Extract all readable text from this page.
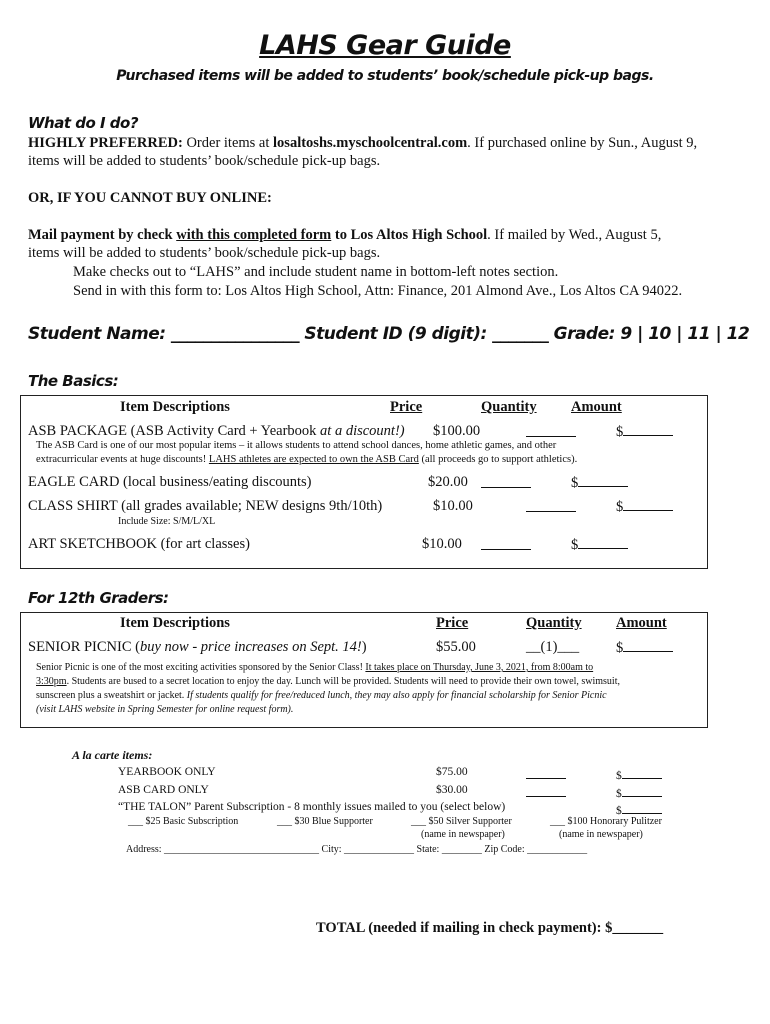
LAHS Gear Guide
Purchased items will be added to students’ book/schedule pick-up bags.
What do I do?
HIGHLY PREFERRED: Order items at losaltoshs.myschoolcentral.com. If purchased online by Sun., August 9,
items will be added to students’ book/schedule pick-up bags.
OR, IF YOU CANNOT BUY ONLINE:
Mail payment by check with this completed form to Los Altos High School. If mailed by Wed., August 5,
items will be added to students’ book/schedule pick-up bags.
Make checks out to “LAHS” and include student name in bottom-left notes section.
Send in with this form to: Los Altos High School, Attn: Finance, 201 Almond Ave., Los Altos CA 94022.
Student Name: ________________ Student ID (9 digit): _______ Grade: 9 | 10 | 11 | 12
The Basics:
Item Descriptions	Price	Quantity Amount
ASB PACKAGE (ASB Activity Card + Yearbook at a discount!) $100.00	$
The ASB Card is one of our most popular items – it allows students to attend school dances, home athletic games, and other
extracurricular events at huge discounts! LAHS athletes are expected to own the ASB Card (all proceeds go to support athletics).
EAGLE CARD (local business/eating discounts)	$20.00	$
CLASS SHIRT (all grades available; NEW designs 9th/10th)	$10.00	$
Include Size: S/M/L/XL
ART SKETCHBOOK (for art classes)	$10.00	$
For 12th Graders:
Item Descriptions	Price	Quantity Amount
SENIOR PICNIC (buy now - price increases on Sept. 14!)	$55.00	__(1)___	$
Senior Picnic is one of the most exciting activities sponsored by the Senior Class! It takes place on Thursday, June 3, 2021, from 8:00am to
3:30pm. Students are bused to a secret location to enjoy the day. Lunch will be provided. Students will need to provide their own towel, swimsuit,
sunscreen plus a sweatshirt or jacket. If students qualify for free/reduced lunch, they may also apply for financial scholarship for Senior Picnic
(visit LAHS website in Spring Semester for online request form).
A la carte items:
YEARBOOK ONLY	$75.00	$
ASB CARD ONLY	$30.00	$
“THE TALON” Parent Subscription - 8 monthly issues mailed to you (select below)	$
___ $25 Basic Subscription	___ $30 Blue Supporter	___ $50 Silver Supporter
(name in newspaper)
___ $100 Honorary Pulitzer
(name in newspaper)
Address: _______________________________ City: ______________ State: ________ Zip Code: ____________
TOTAL (needed if mailing in check payment): $_______
